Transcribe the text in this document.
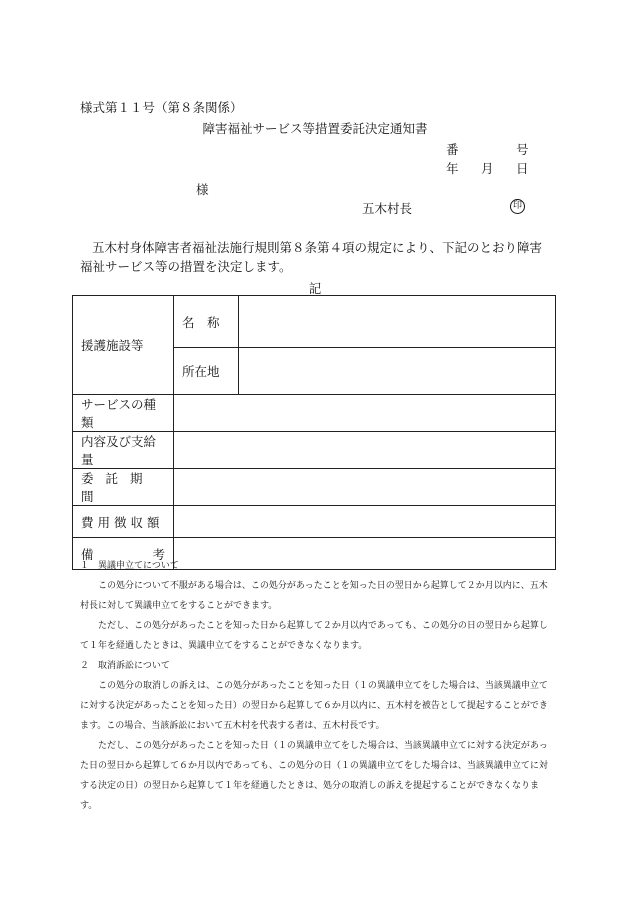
様式第１１号（第８条関係）
障害福祉サービス等措置委託決定通知書
番	号
年 月 日
様
五木村長	印

五木村身体障害者福祉法施行規則第８条第４項の規定により、下記のとおり障害福祉サービス等の措置を決定します。

記
援護施設等	名　称	
	所在地	
サービスの種類		
内容及び支給量		
委託期間		
費用徴収額		

備 考		

１　異議申立てについて

この処分について不服がある場合は、この処分があったことを知った日の翌日から起算して２か月以内に、五木村長に対して異議申立てをすることができます。

ただし、この処分があったことを知った日から起算して２か月以内であっても、この処分の日の翌日から起算して１年を経過したときは、異議申立てをすることができなくなります。

２　取消訴訟について

この処分の取消しの訴えは、この処分があったことを知った日（１の異議申立てをした場合は、当該異議申立てに対する決定があったことを知った日）の翌日から起算して６か月以内に、五木村を被告として提起することができます。この場合、当該訴訟において五木村を代表する者は、五木村長です。

ただし、この処分があったことを知った日（１の異議申立てをした場合は、当該異議申立てに対する決定があった日の翌日から起算して６か月以内であっても、この処分の日（１の異議申立てをした場合は、当該異議申立てに対する決定の日）の翌日から起算して１年を経過したときは、処分の取消しの訴えを提起することができなくなります。
